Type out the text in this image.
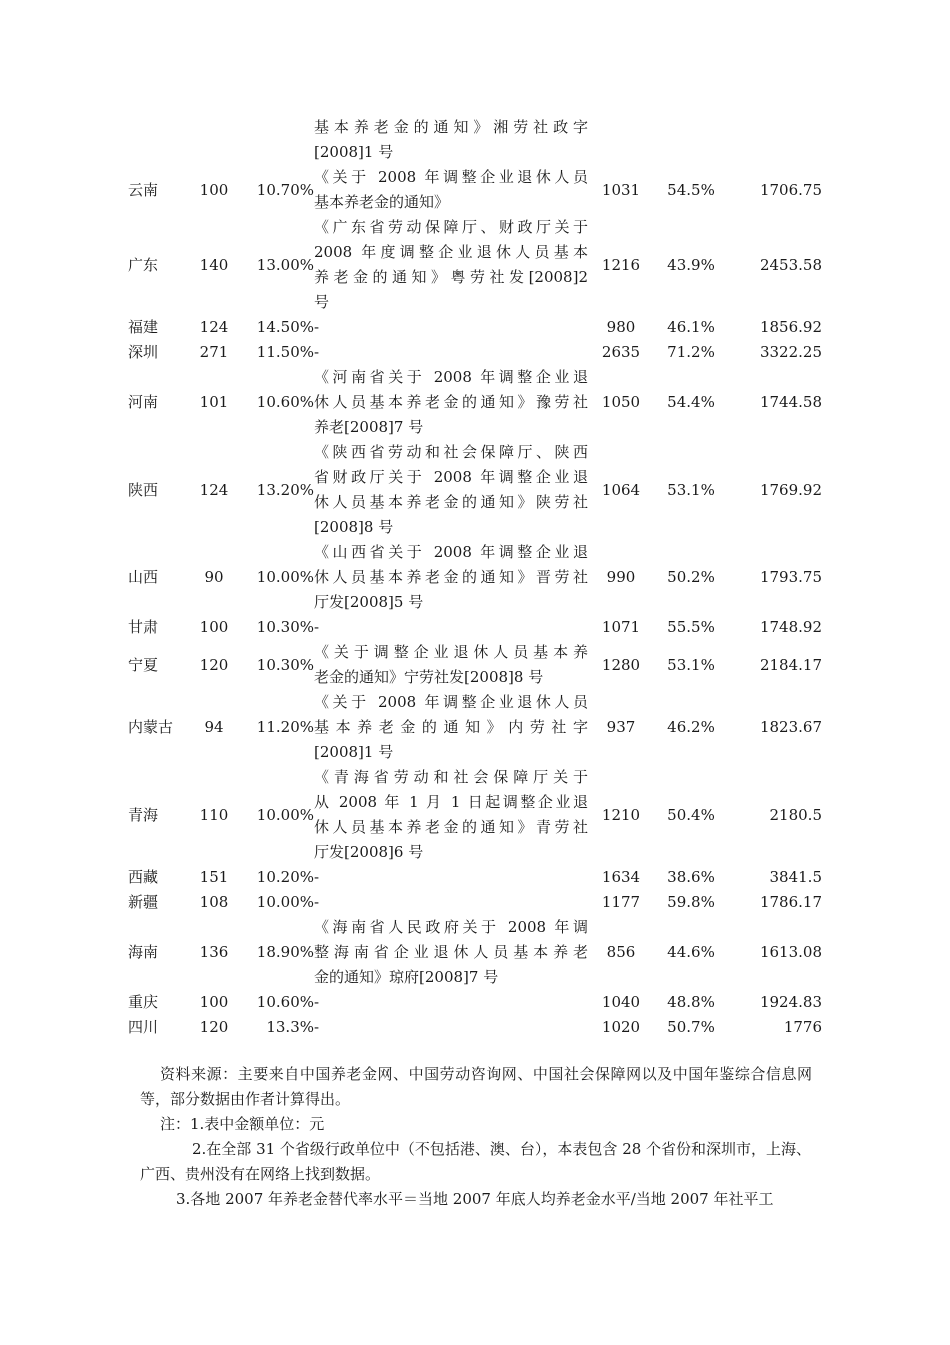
			基本养老金的通知》湘劳社政字
[2008]1 号			

云南	100	10.70%	《关于 2008 年调整企业退休人员
基本养老金的通知》	1031	54.5%	1706.75
广东	140	13.00%	《广东省劳动保障厅、财政厅关于
2008 年度调整企业退休人员基本
养老金的通知》粤劳社发[2008]2
号	1216	43.9%	2453.58
福建	124	14.50%	-	980	46.1%	1856.92
深圳	271	11.50%	-	2635	71.2%	3322.25
河南	101	10.60%	《河南省关于 2008 年调整企业退
休人员基本养老金的通知》豫劳社
养老[2008]7 号	1050	54.4%	1744.58
陕西	124	13.20%	《陕西省劳动和社会保障厅、陕西
省财政厅关于 2008 年调整企业退
休人员基本养老金的通知》陕劳社
[2008]8 号	1064	53.1%	1769.92
山西	90	10.00%	《山西省关于 2008 年调整企业退
休人员基本养老金的通知》晋劳社
厅发[2008]5 号	990	50.2%	1793.75
甘肃	100	10.30%	-	1071	55.5%	1748.92
宁夏	120	10.30%	《关于调整企业退休人员基本养
老金的通知》宁劳社发[2008]8 号	1280	53.1%	2184.17
内蒙古	94	11.20%	《关于 2008 年调整企业退休人员
基本养老金的通知》内劳社字
[2008]1 号	937	46.2%	1823.67
青海	110	10.00%	《青海省劳动和社会保障厅关于
从 2008 年 1 月 1 日起调整企业退
休人员基本养老金的通知》青劳社
厅发[2008]6 号	1210	50.4%	2180.5
西藏	151	10.20%	-	1634	38.6%	3841.5
新疆	108	10.00%	-	1177	59.8%	1786.17
海南	136	18.90%	《海南省人民政府关于 2008 年调
整海南省企业退休人员基本养老
金的通知》琼府[2008]7 号	856	44.6%	1613.08
重庆	100	10.60%	-	1040	48.8%	1924.83
四川	120	13.3%	-	1020	50.7%	1776

资料来源：主要来自中国养老金网、中国劳动咨询网、中国社会保障网以及中国年鉴综合信息网等，部分数据由作者计算得出。

注：1.表中金额单位：元

2.在全部 31 个省级行政单位中（不包括港、澳、台），本表包含 28 个省份和深圳市，上海、广西、贵州没有在网络上找到数据。

3.各地 2007 年养老金替代率水平＝当地 2007 年底人均养老金水平/当地 2007 年社平工
